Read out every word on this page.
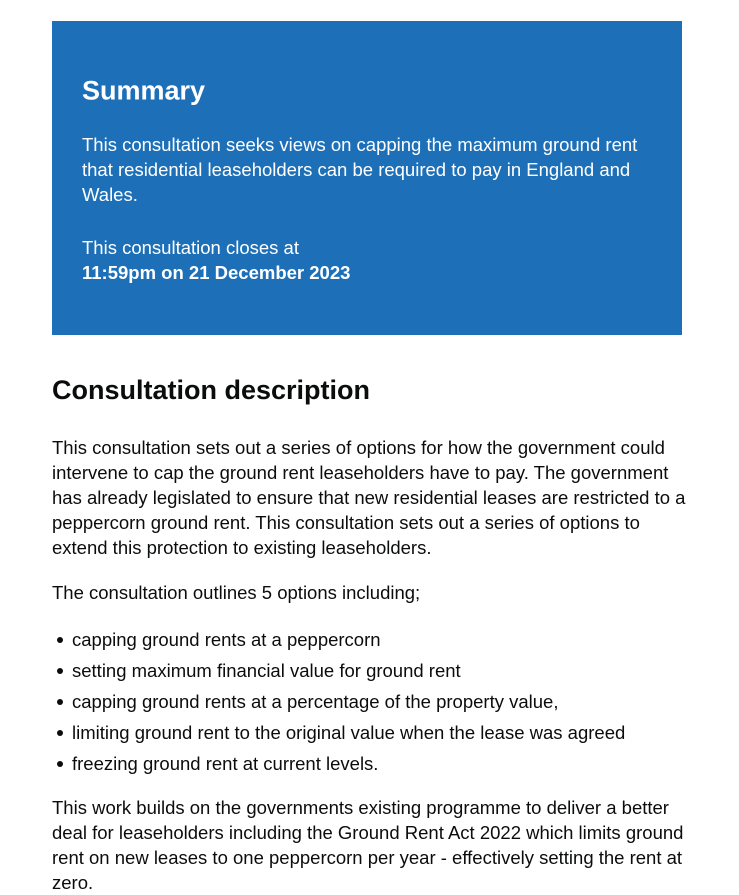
Summary

This consultation seeks views on capping the maximum ground rent that residential leaseholders can be required to pay in England and Wales.

This consultation closes at
11:59pm on 21 December 2023

Consultation description

This consultation sets out a series of options for how the government could intervene to cap the ground rent leaseholders have to pay. The government has already legislated to ensure that new residential leases are restricted to a peppercorn ground rent. This consultation sets out a series of options to extend this protection to existing leaseholders.

The consultation outlines 5 options including;

capping ground rents at a peppercorn
setting maximum financial value for ground rent
capping ground rents at a percentage of the property value,
limiting ground rent to the original value when the lease was agreed
freezing ground rent at current levels.

This work builds on the governments existing programme to deliver a better deal for leaseholders including the Ground Rent Act 2022 which limits ground rent on new leases to one peppercorn per year - effectively setting the rent at zero.
